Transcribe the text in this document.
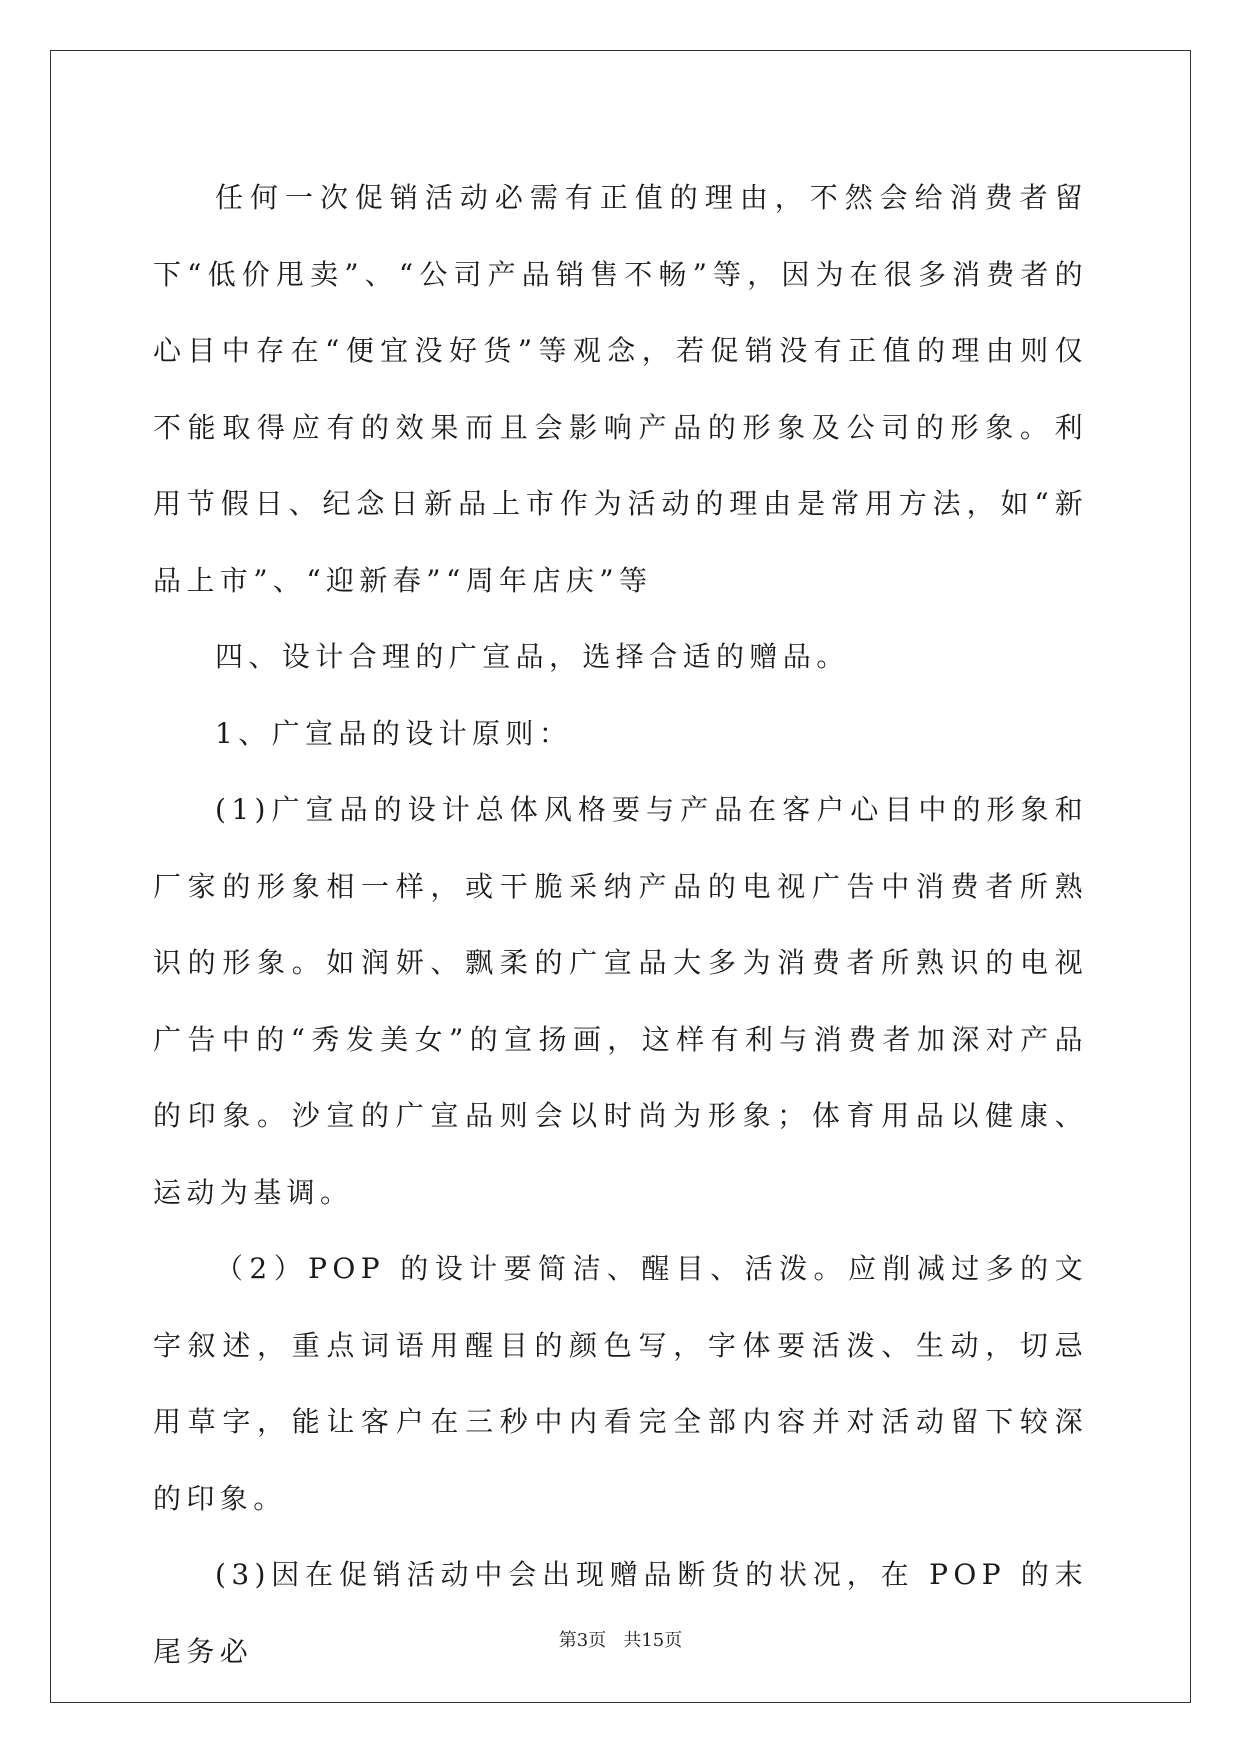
任何一次促销活动必需有正值的理由，不然会给消费者留下“低价甩卖”、“公司产品销售不畅”等，因为在很多消费者的心目中存在“便宜没好货”等观念，若促销没有正值的理由则仅不能取得应有的效果而且会影响产品的形象及公司的形象。利用节假日、纪念日新品上市作为活动的理由是常用方法，如“新品上市”、“迎新春”“周年店庆”等

四、设计合理的广宣品，选择合适的赠品。

1、广宣品的设计原则：

(1)广宣品的设计总体风格要与产品在客户心目中的形象和厂家的形象相一样，或干脆采纳产品的电视广告中消费者所熟识的形象。如润妍、飘柔的广宣品大多为消费者所熟识的电视广告中的“秀发美女”的宣扬画，这样有利与消费者加深对产品的印象。沙宣的广宣品则会以时尚为形象；体育用品以健康、运动为基调。

（2）POP 的设计要简洁、醒目、活泼。应削减过多的文字叙述，重点词语用醒目的颜色写，字体要活泼、生动，切忌用草字，能让客户在三秒中内看完全部内容并对活动留下较深的印象。

(3)因在促销活动中会出现赠品断货的状况，在 POP 的末尾务必	第3页   共15页
